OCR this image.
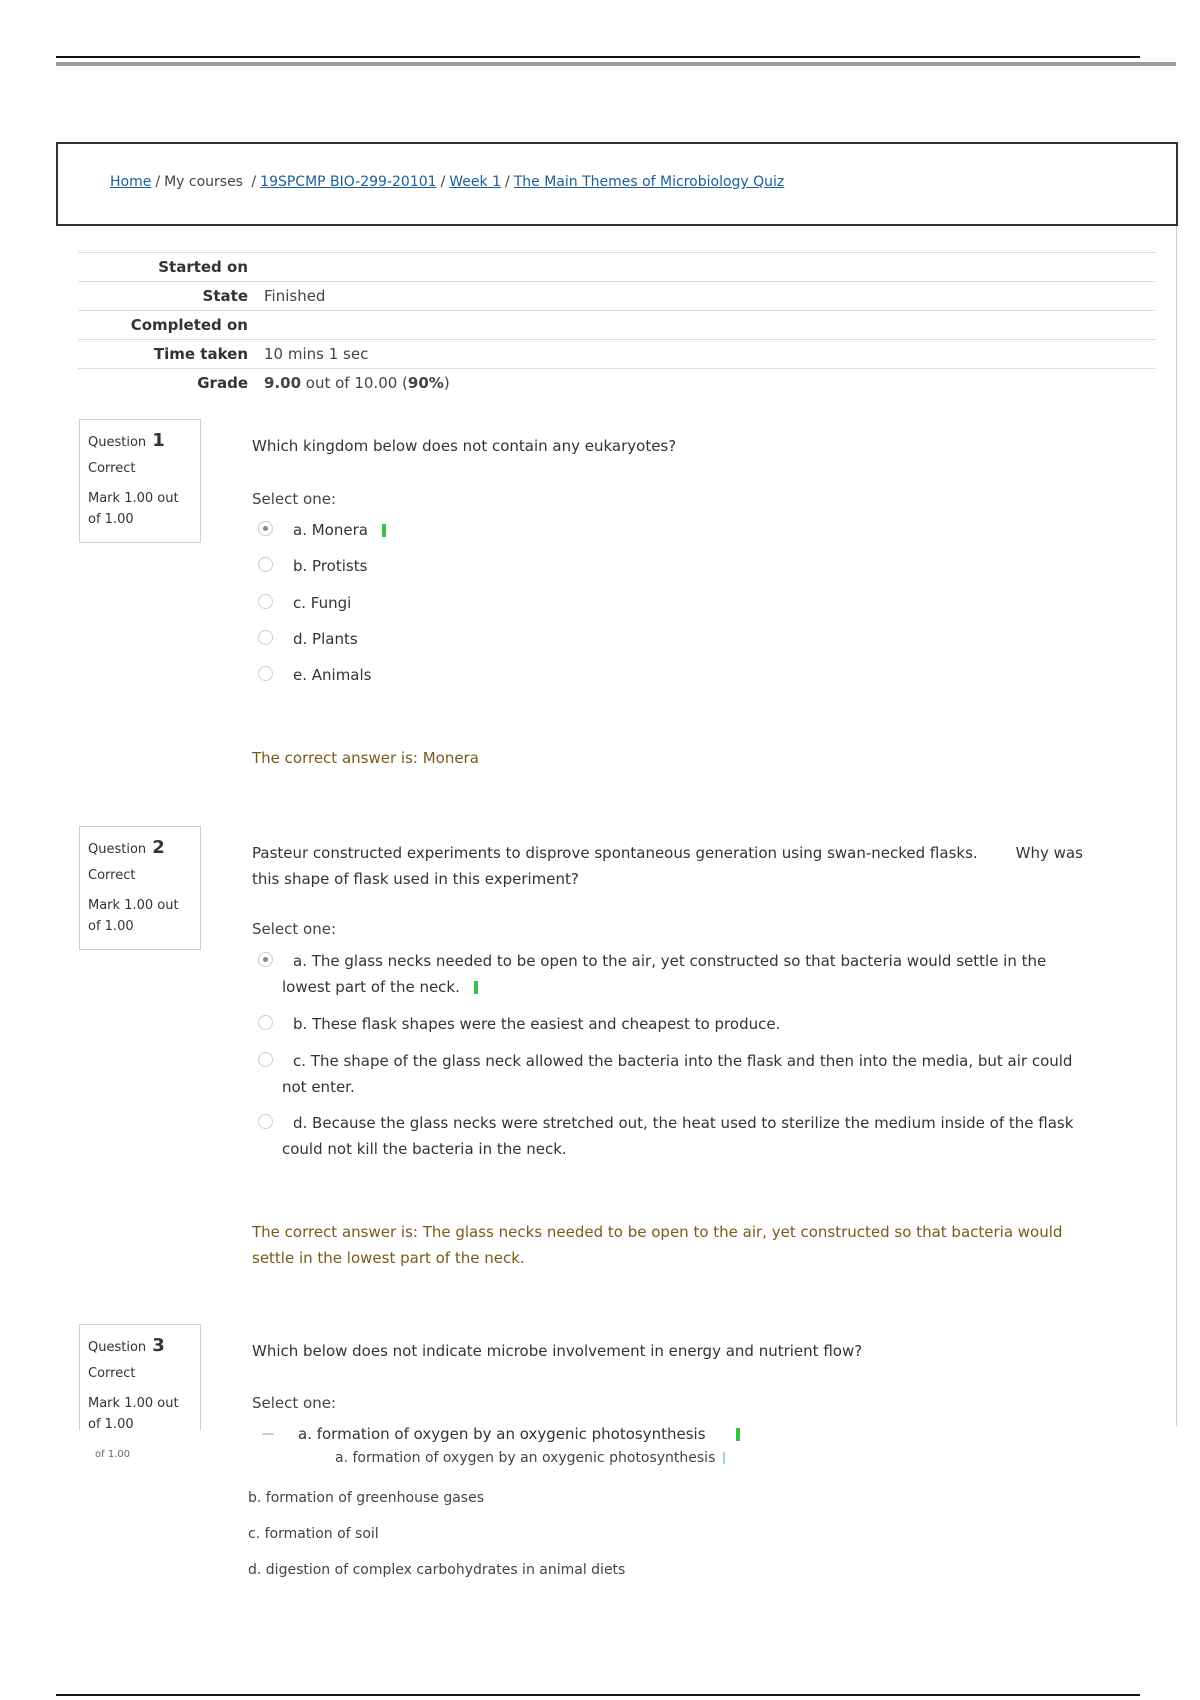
Home / My courses / 19SPCMP BIO-299-20101 / Week 1 / The Main Themes of Microbiology Quiz
Started on	
State	Finished
Completed on	
Time taken	10 mins 1 sec
Grade	9.00 out of 10.00 (90%)
Question 1
Correct
Mark 1.00 out of 1.00
Which kingdom below does not contain any eukaryotes?
Select one:
a. Monera
b. Protists
c. Fungi
d. Plants
e. Animals
The correct answer is: Monera
Question 2
Correct
Mark 1.00 out of 1.00
Pasteur constructed experiments to disprove spontaneous generation using swan-necked flasks.	Why was
this shape of flask used in this experiment?
Select one:
a. The glass necks needed to be open to the air, yet constructed so that bacteria would settle in the
lowest part of the neck.
b. These flask shapes were the easiest and cheapest to produce.
c. The shape of the glass neck allowed the bacteria into the flask and then into the media, but air could
not enter.
d. Because the glass necks were stretched out, the heat used to sterilize the medium inside of the flask
could not kill the bacteria in the neck.
The correct answer is: The glass necks needed to be open to the air, yet constructed so that bacteria would
settle in the lowest part of the neck.
Question 3
Correct
Mark 1.00 out
of 1.00
of 1.00
Which below does not indicate microbe involvement in energy and nutrient flow?
Select one:
a. formation of oxygen by an oxygenic photosynthesis
a. formation of oxygen by an oxygenic photosynthesis
b. formation of greenhouse gases
c. formation of soil
d. digestion of complex carbohydrates in animal diets
